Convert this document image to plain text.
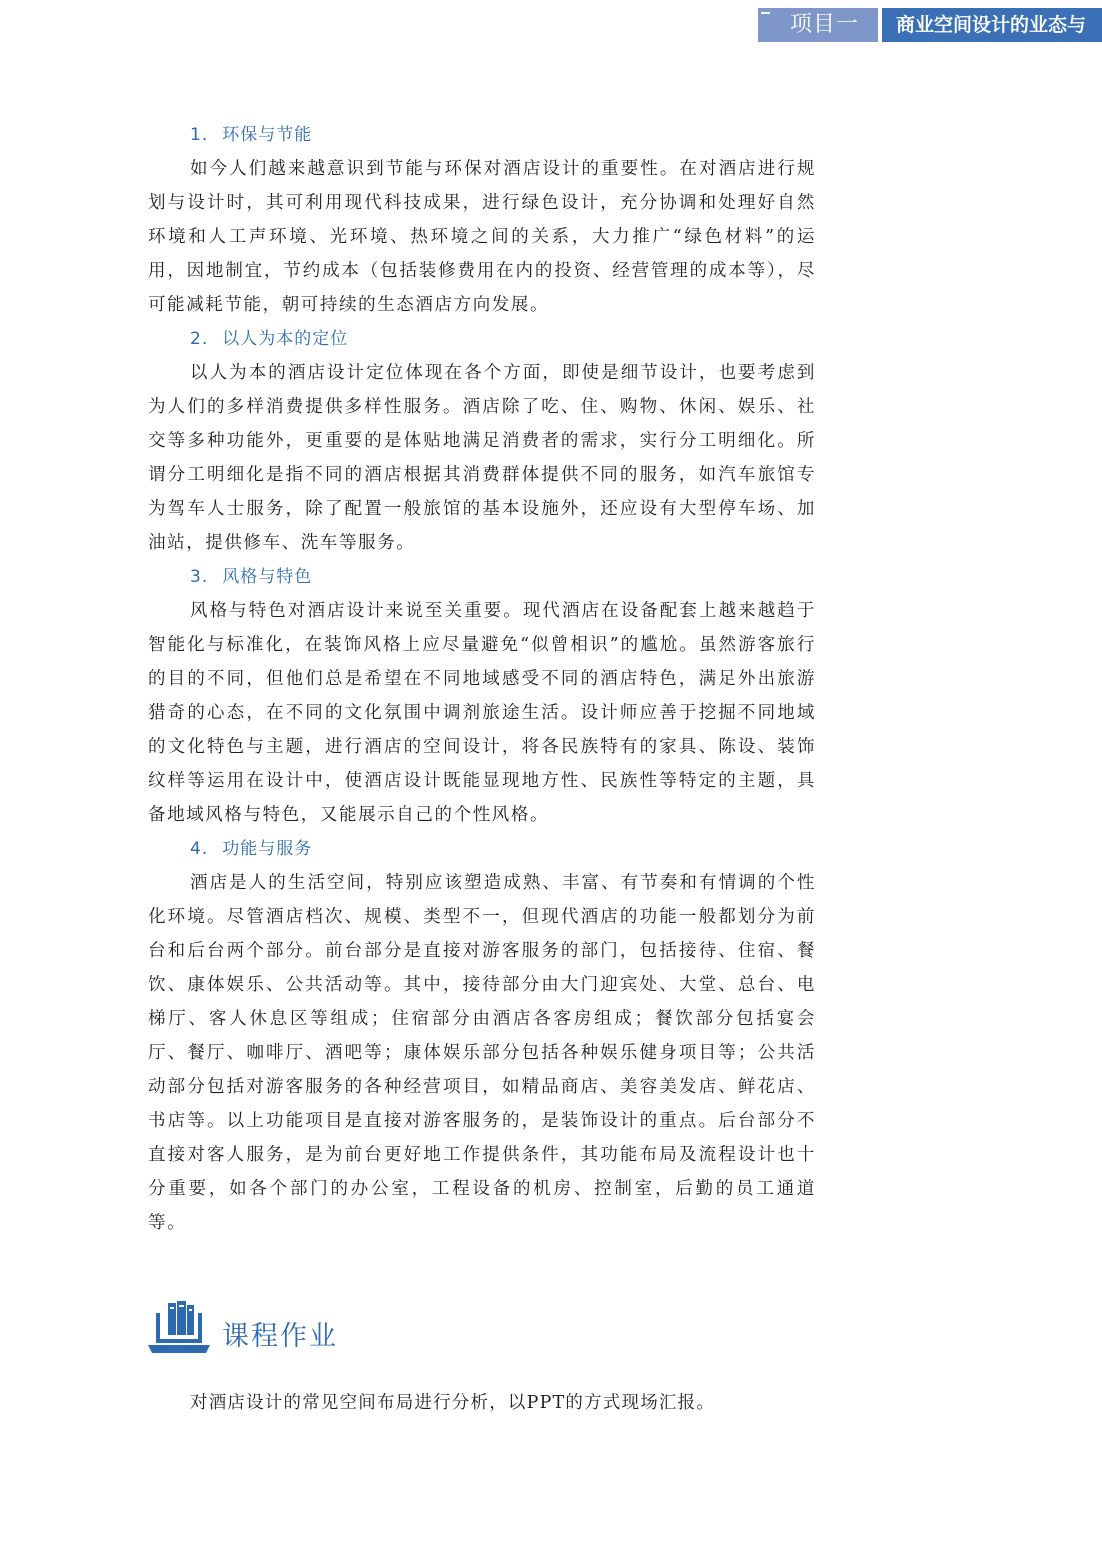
项目一	商业空间设计的业态与
1. 环保与节能

如今人们越来越意识到节能与环保对酒店设计的重要性。在对酒店进行规划与设计时，其可利用现代科技成果，进行绿色设计，充分协调和处理好自然环境和人工声环境、光环境、热环境之间的关系，大力推广“绿色材料”的运用，因地制宜，节约成本（包括装修费用在内的投资、经营管理的成本等），尽可能减耗节能，朝可持续的生态酒店方向发展。

2. 以人为本的定位

以人为本的酒店设计定位体现在各个方面，即使是细节设计，也要考虑到为人们的多样消费提供多样性服务。酒店除了吃、住、购物、休闲、娱乐、社交等多种功能外，更重要的是体贴地满足消费者的需求，实行分工明细化。所谓分工明细化是指不同的酒店根据其消费群体提供不同的服务，如汽车旅馆专为驾车人士服务，除了配置一般旅馆的基本设施外，还应设有大型停车场、加油站，提供修车、洗车等服务。

3. 风格与特色

风格与特色对酒店设计来说至关重要。现代酒店在设备配套上越来越趋于智能化与标准化，在装饰风格上应尽量避免“似曾相识”的尴尬。虽然游客旅行的目的不同，但他们总是希望在不同地域感受不同的酒店特色，满足外出旅游猎奇的心态，在不同的文化氛围中调剂旅途生活。设计师应善于挖掘不同地域的文化特色与主题，进行酒店的空间设计，将各民族特有的家具、陈设、装饰纹样等运用在设计中，使酒店设计既能显现地方性、民族性等特定的主题，具备地域风格与特色，又能展示自己的个性风格。

4. 功能与服务

酒店是人的生活空间，特别应该塑造成熟、丰富、有节奏和有情调的个性化环境。尽管酒店档次、规模、类型不一，但现代酒店的功能一般都划分为前台和后台两个部分。前台部分是直接对游客服务的部门，包括接待、住宿、餐饮、康体娱乐、公共活动等。其中，接待部分由大门迎宾处、大堂、总台、电梯厅、客人休息区等组成；住宿部分由酒店各客房组成；餐饮部分包括宴会厅、餐厅、咖啡厅、酒吧等；康体娱乐部分包括各种娱乐健身项目等；公共活动部分包括对游客服务的各种经营项目，如精品商店、美容美发店、鲜花店、书店等。以上功能项目是直接对游客服务的，是装饰设计的重点。后台部分不直接对客人服务，是为前台更好地工作提供条件，其功能布局及流程设计也十分重要，如各个部门的办公室，工程设备的机房、控制室，后勤的员工通道等。

课程作业
对酒店设计的常见空间布局进行分析，以PPT的方式现场汇报。
